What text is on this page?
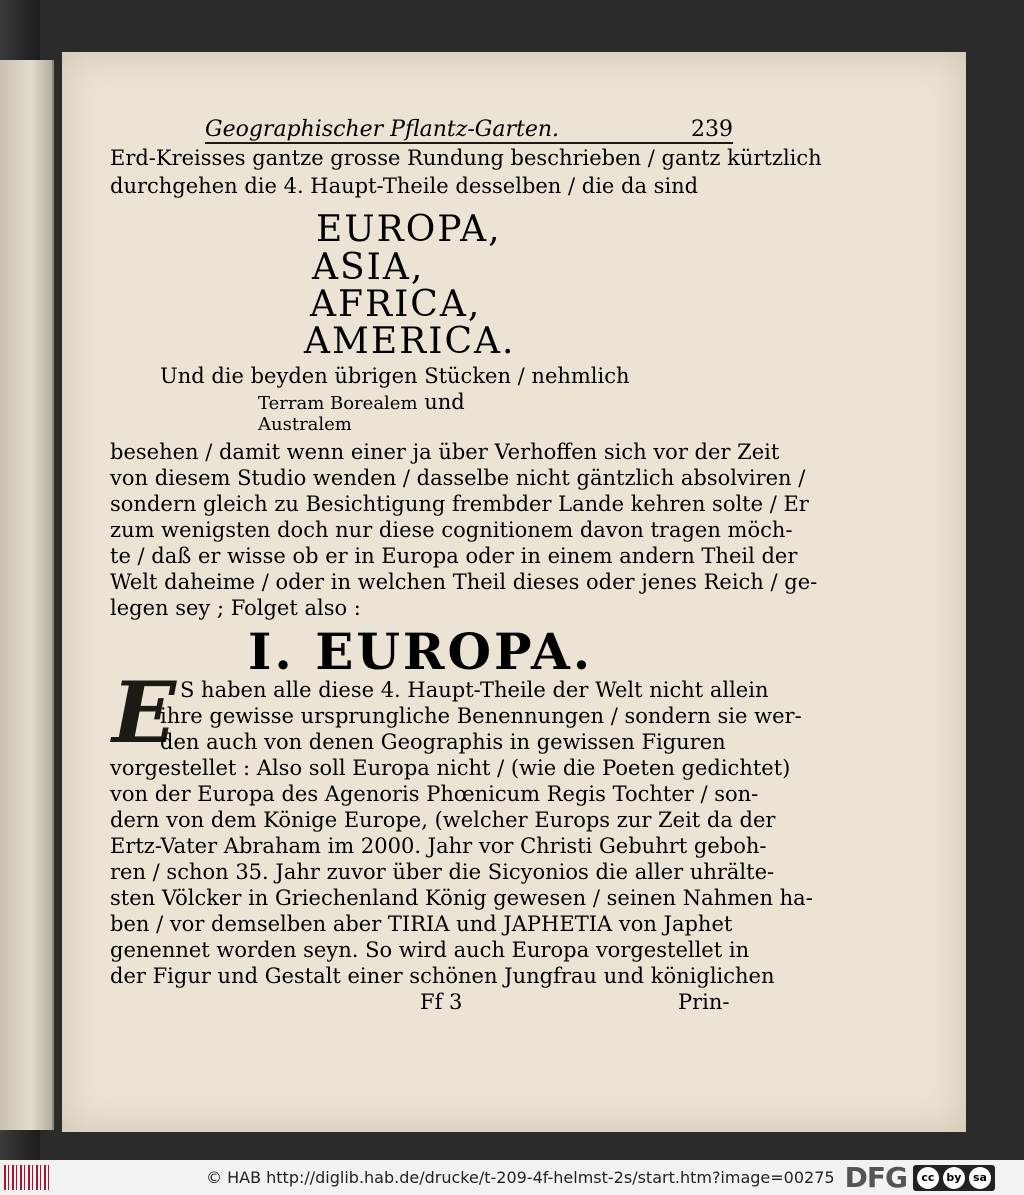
Geographischer Pflantz-Garten.	239
Erd-Kreisses gantze grosse Rundung beschrieben / gantz kürtzlich
durchgehen die 4. Haupt-Theile desselben / die da sind
EUROPA,
ASIA,
AFRICA,
AMERICA.
Und die beyden übrigen Stücken / nehmlich
Terram Borealem und
Australem
besehen / damit wenn einer ja über Verhoffen sich vor der Zeit
von diesem Studio wenden / dasselbe nicht gäntzlich absolviren /
sondern gleich zu Besichtigung frembder Lande kehren solte / Er
zum wenigsten doch nur diese cognitionem davon tragen möch-
te / daß er wisse ob er in Europa oder in einem andern Theil der
Welt daheime / oder in welchen Theil dieses oder jenes Reich / ge-
legen sey ; Folget also :
I. EUROPA.
E S haben alle diese 4. Haupt-Theile der Welt nicht allein
ihre gewisse ursprungliche Benennungen / sondern sie wer-
den auch von denen Geographis in gewissen Figuren
vorgestellet : Also soll Europa nicht / (wie die Poeten gedichtet)
von der Europa des Agenoris Phœnicum Regis Tochter / son-
dern von dem Könige Europe, (welcher Europs zur Zeit da der
Ertz-Vater Abraham im 2000. Jahr vor Christi Gebuhrt geboh-
ren / schon 35. Jahr zuvor über die Sicyonios die aller uhrälte-
sten Völcker in Griechenland König gewesen / seinen Nahmen ha-
ben / vor demselben aber TIRIA und JAPHETIA von Japhet
genennet worden seyn. So wird auch Europa vorgestellet in
der Figur und Gestalt einer schönen Jungfrau und königlichen
Ff 3	Prin-
© HAB http://diglib.hab.de/drucke/t-209-4f-helmst-2s/start.htm?image=00275 DFG	cc	by	sa
